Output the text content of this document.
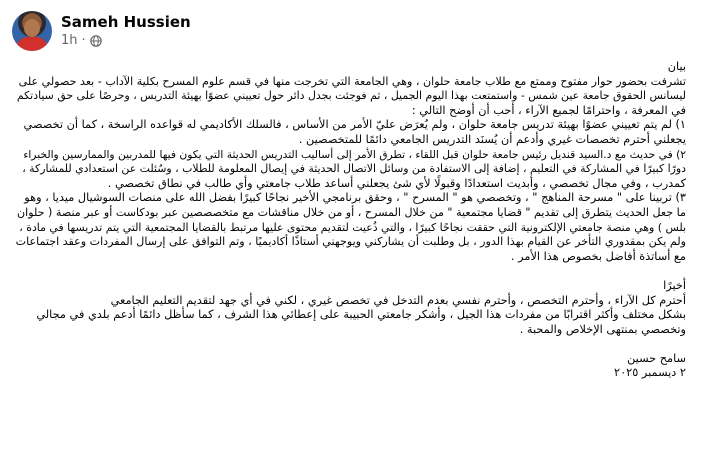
Sameh Hussien
1h ·

بيان

تشرفت بحضور حوار مفتوح وممتع مع طلاب جامعة حلوان ، وهي الجامعة التي تخرجت منها في قسم علوم المسرح بكلية الآداب - بعد حصولي على

ليسانس الحقوق جامعة عين شمس - واستمتعت بهذا اليوم الجميل ، ثم فوجئت بجدل دائر حول تعييني عضوًا بهيئة التدريس ، وحرصًا على حق سيادتكم

في المعرفة ، واحترامًا لجميع الآراء ، أحب أن أوضح التالي :

١) لم يتم تعييني عضوًا بهيئة تدريس جامعة حلوان ، ولم يُعرَض عليّ الأمر من الأساس ، فالسلك الأكاديمي له قواعده الراسخة ، كما أن تخصصي

يجعلني أحترم تخصصات غيري وأدعم أن يُسنَد التدريس الجامعي دائمًا للمتخصصين .

٢) في حديث مع د.السيد قنديل رئيس جامعة حلوان قبل اللقاء ، تطرق الأمر إلى أساليب التدريس الحديثة التي يكون فيها للمدربين والممارسين والخبراء

دورًا كبيرًا في المشاركة في التعليم ، إضافة إلى الاستفادة من وسائل الاتصال الحديثة في إيصال المعلومة للطلاب ، وسُئلت عن استعدادي للمشاركة ،

كمدرب ، وفي مجال تخصصي ، وأبديت استعدادًا وقبولًا لأي شئ يجعلني أساعد طلاب جامعتي وأي طالب في نطاق تخصصي .

٣) تربينا على " مسرحة المناهج " ، وتخصصي هو " المسرح " ، وحقق برنامجي الأخير نجاحًا كبيرًا بفضل الله على منصات السوشيال ميديا ، وهو

ما جعل الحديث يتطرق إلى تقديم " قضايا مجتمعية " من خلال المسرح ، أو من خلال مناقشات مع متخصصصين عبر بودكاست أو عبر منصة ( حلوان

بلس ) وهي منصة جامعتي الإلكترونية التي حققت نجاحًا كبيرًا ، والتي ذُعيت لتقديم محتوى عليها مرتبط بالقضايا المجتمعية التي يتم تدريسها في مادة ،

ولم يكن بمقدوري التأخر عن القيام بهذا الدور ، بل وطلبت أن يشاركني ويوجهني أستاذًا أكاديميًا ، وتم التوافق على إرسال المفردات وعقد اجتماعات

مع أساتذة أفاضل بخصوص هذا الأمر .

أخيرًا

أحترم كل الآراء ، وأحترم التخصص ، وأحترم نفسي بعدم التدخل في تخصص غيري ، لكني في أي جهد لتقديم التعليم الجامعي

بشكل مختلف وأكثر اقترابًا من مفردات هذا الجيل ، وأشكر جامعتي الحبيبة على إعطائي هذا الشرف ، كما سأظل دائمًا أدعم بلدي في مجالي

وتخصصي بمنتهى الإخلاص والمحبة .

سامح حسين

٢ ديسمبر ٢٠٢٥
